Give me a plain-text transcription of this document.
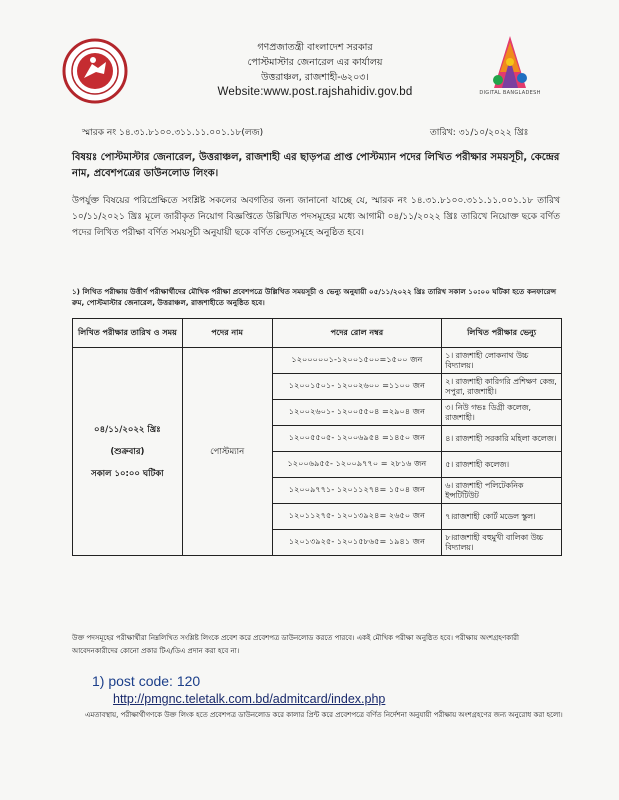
DIGITAL BANGLADESH
গণপ্রজাতন্ত্রী বাংলাদেশ সরকার
পোস্টমাস্টার জেনারেল এর কার্যালয়
উত্তরাঞ্চল, রাজশাহী-৬২০৩।
Website:www.post.rajshahidiv.gov.bd
স্মারক নং ১৪.৩১.৮১০০.৩১১.১১.০০১.১৮(লজ)	তারিখ: ৩১/১০/২০২২ খ্রিঃ
বিষয়ঃ পোস্টমাস্টার জেনারেল, উত্তরাঞ্চল, রাজশাহী এর ছাড়পত্র প্রাপ্ত পোস্টম্যান পদের লিখিত পরীক্ষার সময়সূচী, কেন্দ্রের নাম, প্রবেশপত্রের ডাউনলোড লিংক।
উপর্যুক্ত বিষয়ের পরিপ্রেক্ষিতে সংশ্লিষ্ট সকলের অবগতির জন্য জানানো যাচ্ছে যে, স্মারক নং ১৪.৩১.৮১০০.৩১১.১১.০০১.১৮ তারিখ ১০/১১/২০২১ খ্রিঃ মূলে জারীকৃত নিয়োগ বিজ্ঞপ্তিতে উল্লিখিত পদসমূহের মধ্যে আগামী ০৪/১১/২০২২ খ্রিঃ তারিখে নিয়োক্ত ছকে বর্ণিত পদের লিখিত পরীক্ষা বর্ণিত সময়সূচী অনুযায়ী ছকে বর্ণিত ভেন্যুসমূহে অনুষ্ঠিত হবে।
১) লিখিত পরীক্ষায় উত্তীর্ণ পরীক্ষার্থীদের মৌখিক পরীক্ষা প্রবেশপত্রে উল্লিখিত সময়সূচী ও ভেন্যু অনুযায়ী ০৫/১১/২০২২ খ্রিঃ তারিখ সকাল ১০:০০ ঘটিকা হতে কনফারেন্স রুম, পোস্টমাস্টার জেনারেল, উত্তরাঞ্চল, রাজশাহীতে অনুষ্ঠিত হবে।
লিখিত পরীক্ষার তারিখ ও সময়	পদের নাম	পদের রোল নম্বর	লিখিত পরীক্ষার ভেন্যু

০৪/১১/২০২২ খ্রিঃ
(শুক্রবার)
সকাল ১০:০০ ঘটিকা	পোস্টম্যান	১২০০০০০১-১২০০১৫০০=১৫০০ জন	১। রাজশাহী লোকনাথ উচ্চ বিদ্যালয়।
		১২০০১৫০১- ১২০০২৬০০ =১১০০ জন	২। রাজশাহী কারিগরি প্রশিক্ষণ কেন্দ্র, সপুরা, রাজশাহী।
		১২০০২৬০১- ১২০০৫৫০৪ =২৯০৪ জন	৩। নিউ গভঃ ডিগ্রী কলেজ, রাজশাহী।
		১২০০৫৫০৫- ১২০০৬৯৫৪ =১৪৫০ জন	৪। রাজশাহী সরকারি মহিলা কলেজ।
		১২০০৬৯৫৫- ১২০০৯৭৭০ = ২৮১৬ জন	৫। রাজশাহী কলেজ।
		১২০০৯৭৭১- ১২০১১২৭৪= ১৫০৪ জন	৬। রাজশাহী পলিটেকনিক ইন্সটিটিউট
		১২০১১২৭৫- ১২০১৩৯২৪= ২৬৫০ জন	৭।রাজশাহী কোর্ট মডেল স্কুল।
		১২০১৩৯২৫- ১২০১৫৮৬৫= ১৯৪১ জন	৮।রাজশাহী বহুমুখী বালিকা উচ্চ বিদ্যালয়।
উক্ত পদসমূহের পরীক্ষার্থীরা নিম্নলিখিত সংশ্লিষ্ট লিংকে প্রবেশ করে প্রবেশপত্র ডাউনলোড করতে পারবে। একই মৌখিক পরীক্ষা অনুষ্ঠিত হবে। পরীক্ষায় অংশগ্রহণকারী আবেদনকারীদের কোনো প্রকার টিএ/ডিএ প্রদান করা হবে না।
1) post code: 120
http://pmgnc.teletalk.com.bd/admitcard/index.php
এমতাবস্থায়, পরীক্ষার্থীগণকে উক্ত লিংক হতে প্রবেশপত্র ডাউনলোড করে কালার প্রিন্ট করে প্রবেশপত্রে বর্ণিত নির্দেশনা অনুযায়ী পরীক্ষায় অংশগ্রহণের জন্য অনুরোধ করা হলো।
